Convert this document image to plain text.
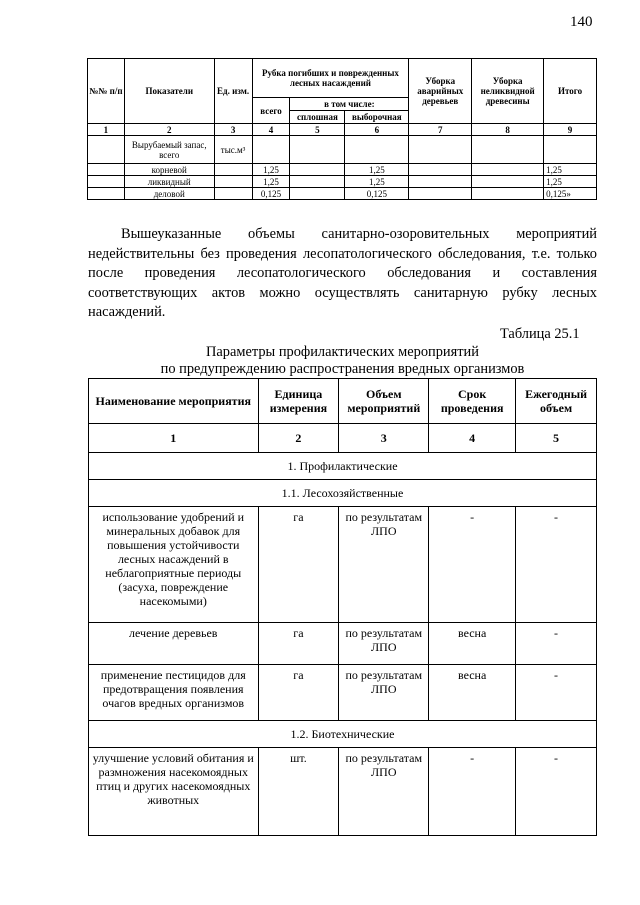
140
№№ п/п	Показатели	Ед. изм.	Рубка погибших и поврежденных лесных насаждений			Уборка аварийных деревьев	Уборка неликвидной древесины	Итого
			всего	в том числе:				
				сплошная	выборочная			
1	2	3	4	5	6	7	8	9
	Вырубаемый запас, всего	тыс.м³						
	корневой		1,25		1,25			1,25
	ликвидный		1,25		1,25			1,25
	деловой		0,125		0,125			0,125»
Вышеуказанные объемы санитарно-озоровительных мероприятий недействительны без проведения лесопатологического обследования, т.е. только после проведения лесопатологического обследования и составления соответствующих актов можно осуществлять санитарную рубку лесных насаждений.
Таблица 25.1
Параметры профилактических мероприятий
по предупреждению распространения вредных организмов
Наименование мероприятия	Единица измерения	Объем мероприятий	Срок проведения	Ежегодный объем
1	2	3	4	5
1. Профилактические				
1.1. Лесохозяйственные				
использование удобрений и минеральных добавок для повышения устойчивости лесных насаждений в неблагоприятные периоды (засуха, повреждение насекомыми)	га	по результатам ЛПО	-	-
лечение деревьев	га	по результатам ЛПО	весна	-
применение пестицидов для предотвращения появления очагов вредных организмов	га	по результатам ЛПО	весна	-
1.2. Биотехнические				
улучшение условий обитания и размножения насекомоядных птиц и других насекомоядных животных	шт.	по результатам ЛПО	-	-
